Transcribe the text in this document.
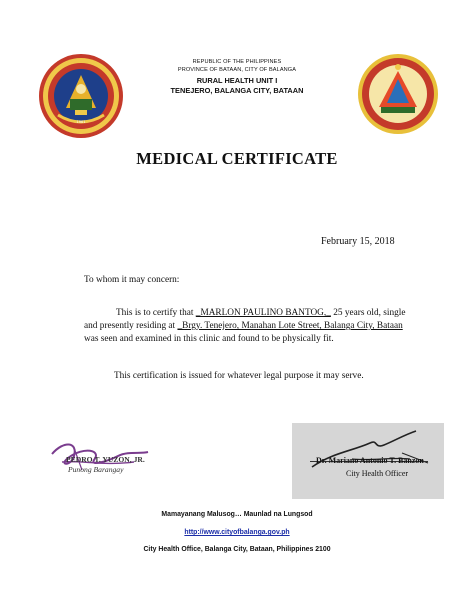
1961
REPUBLIC OF THE PHILIPPINES
PROVINCE OF BATAAN, CITY OF BALANGA
RURAL HEALTH UNIT I
TENEJERO, BALANGA CITY, BATAAN
MEDICAL CERTIFICATE
February 15, 2018
To whom it may concern:
This is to certify that _MARLON PAULINO BANTOG,_ 25 years old, single
and presently residing at _Brgy. Tenejero, Manahan Lote Street, Balanga City, Bataan
was seen and examined in this clinic and found to be physically fit.
This certification is issued for whatever legal purpose it may serve.
PEDRO T. YUZON, JR.
Punong Barangay
Dr. Mariano Antonio T. Banzon
City Health Officer
Mamayanang Malusog… Maunlad na Lungsod
http://www.cityofbalanga.gov.ph
City Health Office, Balanga City, Bataan, Philippines 2100
